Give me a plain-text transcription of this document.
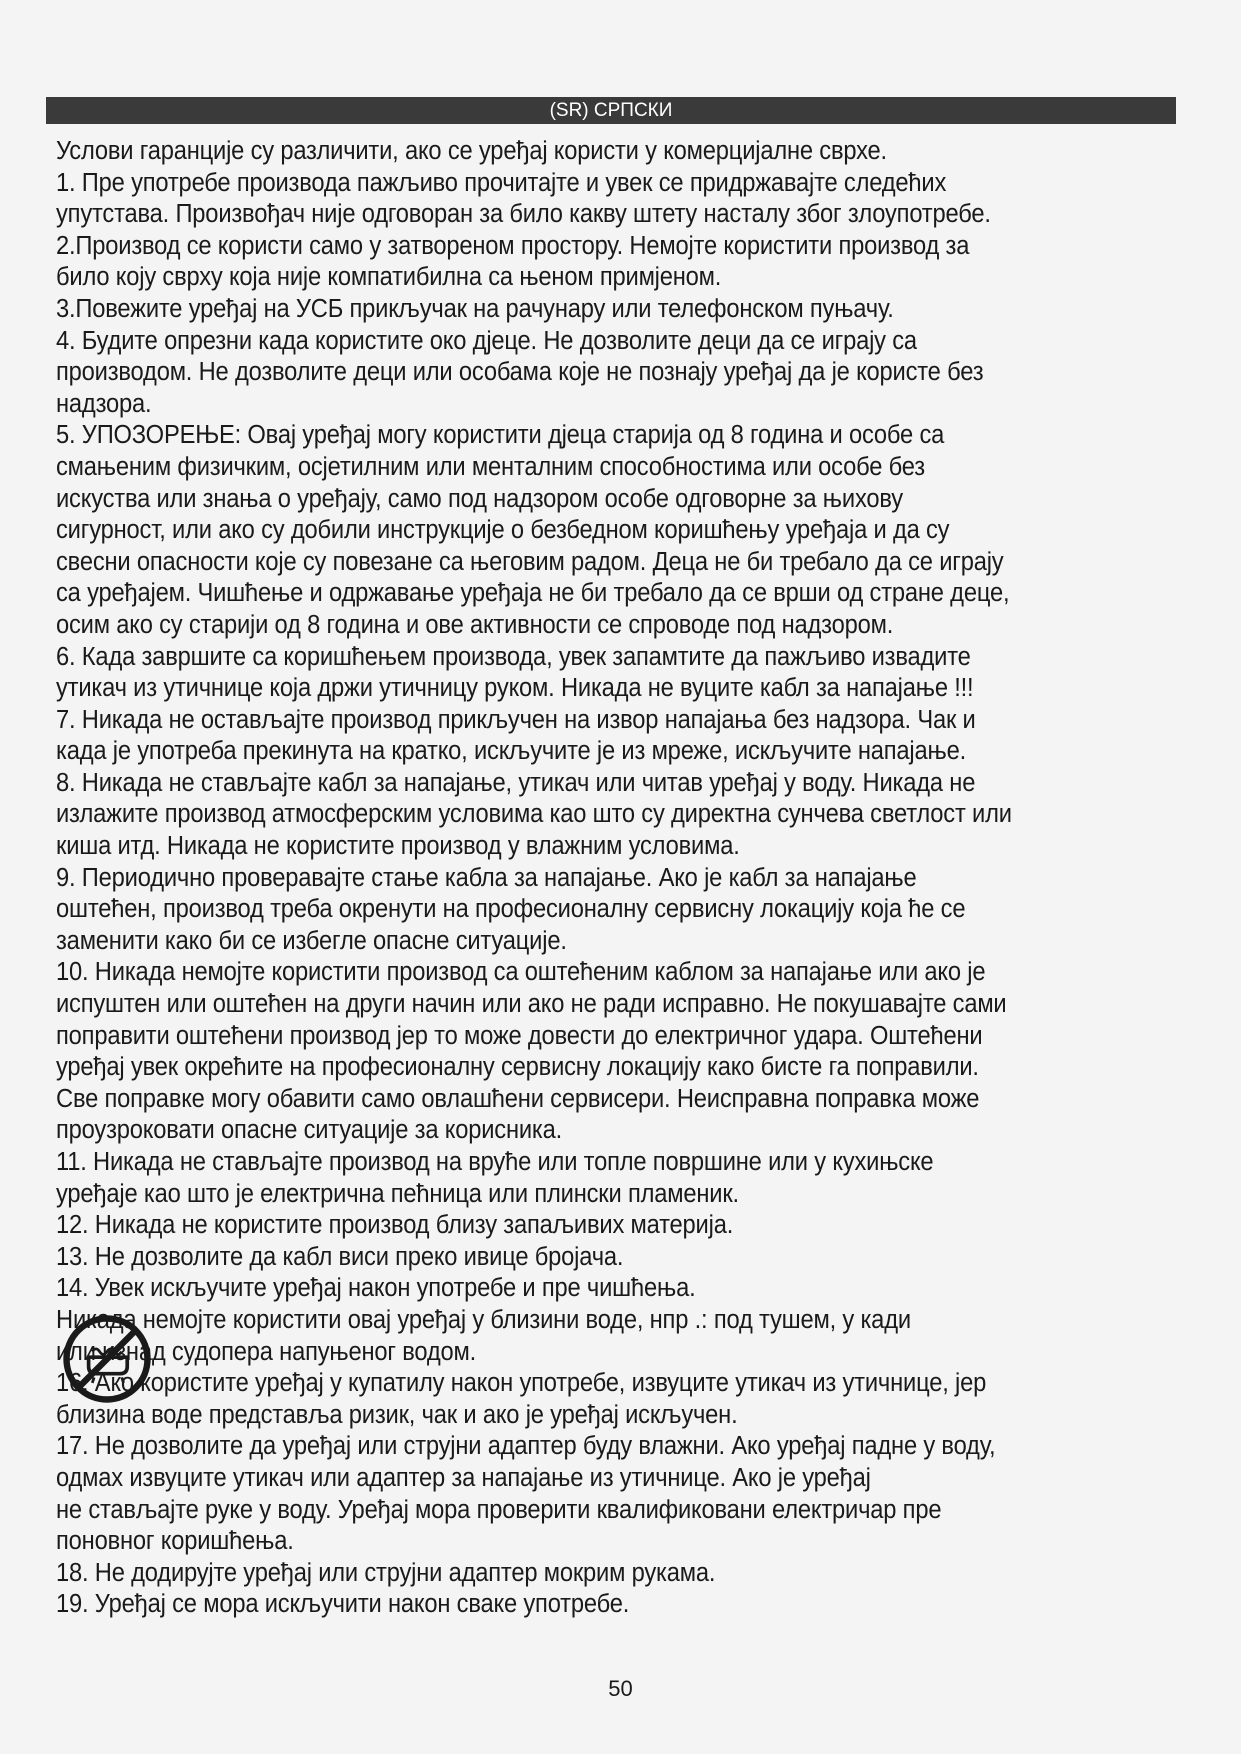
(SR) СРПСКИ

Услови гаранције су различити, ако се уређај користи у комерцијалне сврхе.

1. Пре употребе производа пажљиво прочитајте и увек се придржавајте следећих
упутстава. Произвођач није одговоран за било какву штету насталу због злоупотребе.

2.Производ се користи само у затвореном простору. Немојте користити производ за
било коју сврху која није компатибилна са њеном примјеном.

3.Повежите уређај на УСБ прикључак на рачунару или телефонском пуњачу.

4. Будите опрезни када користите око дјеце. Не дозволите деци да се играју са
производом. Не дозволите деци или особама које не познају уређај да је користе без
надзора.

5. УПОЗОРЕЊЕ: Овај уређај могу користити дјеца старија од 8 година и особе са
смањеним физичким, осјетилним или менталним способностима или особе без
искуства или знања о уређају, само под надзором особе одговорне за њихову
сигурност, или ако су добили инструкције о безбедном коришћењу уређаја и да су
свесни опасности које су повезане са његовим радом. Деца не би требало да се играју
са уређајем. Чишћење и одржавање уређаја не би требало да се врши од стране деце,
осим ако су старији од 8 година и ове активности се спроводе под надзором.

6. Када завршите са коришћењем производа, увек запамтите да пажљиво извадите
утикач из утичнице која држи утичницу руком. Никада не вуците кабл за напајање !!!

7. Никада не остављајте производ прикључен на извор напајања без надзора. Чак и
када је употреба прекинута на кратко, искључите је из мреже, искључите напајање.

8. Никада не стављајте кабл за напајање, утикач или читав уређај у воду. Никада не
излажите производ атмосферским условима као што су директна сунчева светлост или
киша итд. Никада не користите производ у влажним условима.

9. Периодично проверавајте стање кабла за напајање. Ако је кабл за напајање
оштећен, производ треба окренути на професионалну сервисну локацију која ће се
заменити како би се избегле опасне ситуације.

10. Никада немојте користити производ са оштећеним каблом за напајање или ако је
испуштен или оштећен на други начин или ако не ради исправно. Не покушавајте сами
поправити оштећени производ јер то може довести до електричног удара. Оштећени
уређај увек окрећите на професионалну сервисну локацију како бисте га поправили.
Све поправке могу обавити само овлашћени сервисери. Неисправна поправка може
проузроковати опасне ситуације за корисника.

11. Никада не стављајте производ на вруће или топле површине или у кухињске
уређаје као што је електрична пећница или плински пламеник.

12. Никада не користите производ близу запаљивих материја.

13. Не дозволите да кабл виси преко ивице бројача.

14. Увек искључите уређај након употребе и пре чишћења.

Никада немојте користити овај уређај у близини воде, нпр .: под тушем, у кади
или изнад судопера напуњеног водом.

16. Ако користите уређај у купатилу након употребе, извуците утикач из утичнице, јер
близина воде представља ризик, чак и ако је уређај искључен.

17. Не дозволите да уређај или струјни адаптер буду влажни. Ако уређај падне у воду,
одмах извуците утикач или адаптер за напајање из утичнице. Ако је уређај
не стављајте руке у воду. Уређај мора проверити квалификовани електричар пре
поновног коришћења.

18. Не додирујте уређај или струјни адаптер мокрим рукама.

19. Уређај се мора искључити након сваке употребе.

50
